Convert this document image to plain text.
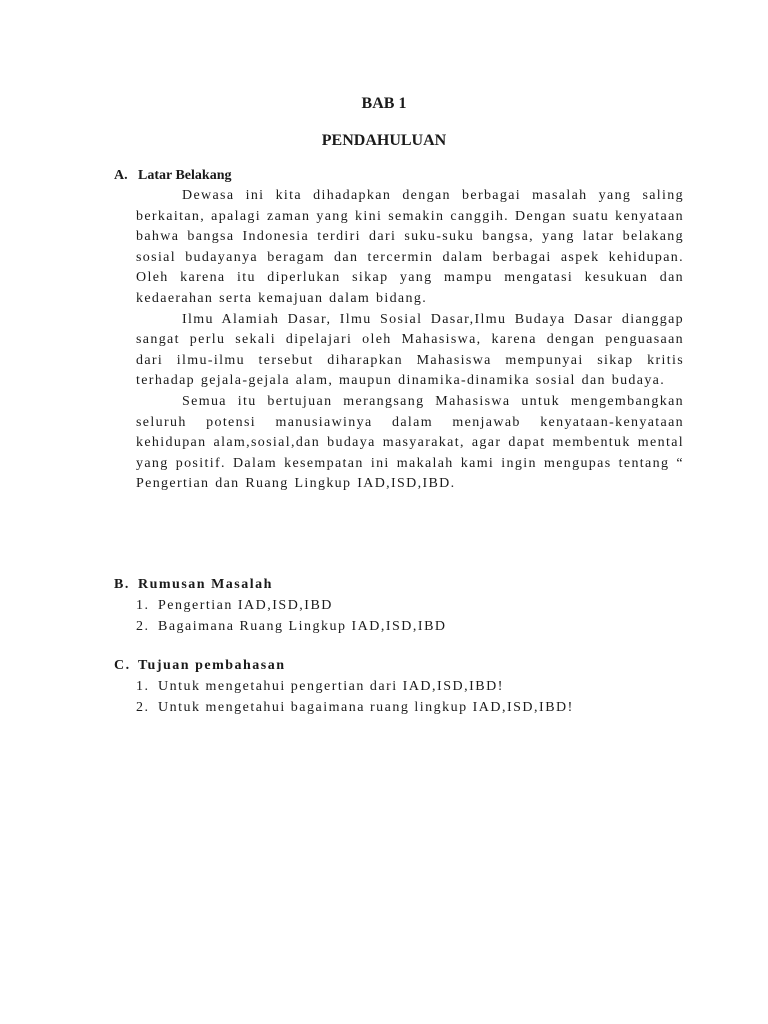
BAB 1
PENDAHULUAN
A. Latar Belakang

Dewasa ini kita dihadapkan dengan berbagai masalah yang saling berkaitan, apalagi zaman yang kini semakin canggih. Dengan suatu kenyataan bahwa bangsa Indonesia terdiri dari suku-suku bangsa, yang latar belakang sosial budayanya beragam dan tercermin dalam berbagai aspek kehidupan. Oleh karena itu diperlukan sikap yang mampu mengatasi kesukuan dan kedaerahan serta kemajuan dalam bidang.

Ilmu Alamiah Dasar, Ilmu Sosial Dasar,Ilmu Budaya Dasar dianggap sangat perlu sekali dipelajari oleh Mahasiswa, karena dengan penguasaan dari ilmu-ilmu tersebut diharapkan Mahasiswa mempunyai sikap kritis terhadap gejala-gejala alam, maupun dinamika-dinamika sosial dan budaya.

Semua itu bertujuan merangsang Mahasiswa untuk mengembangkan seluruh potensi manusiawinya dalam menjawab kenyataan-kenyataan kehidupan alam,sosial,dan budaya masyarakat, agar dapat membentuk mental yang positif. Dalam kesempatan ini makalah kami ingin mengupas tentang “ Pengertian dan Ruang Lingkup IAD,ISD,IBD.

B. Rumusan Masalah
1. Pengertian IAD,ISD,IBD
2. Bagaimana Ruang Lingkup IAD,ISD,IBD
C. Tujuan pembahasan
1. Untuk mengetahui pengertian dari IAD,ISD,IBD!
2. Untuk mengetahui bagaimana ruang lingkup IAD,ISD,IBD!
